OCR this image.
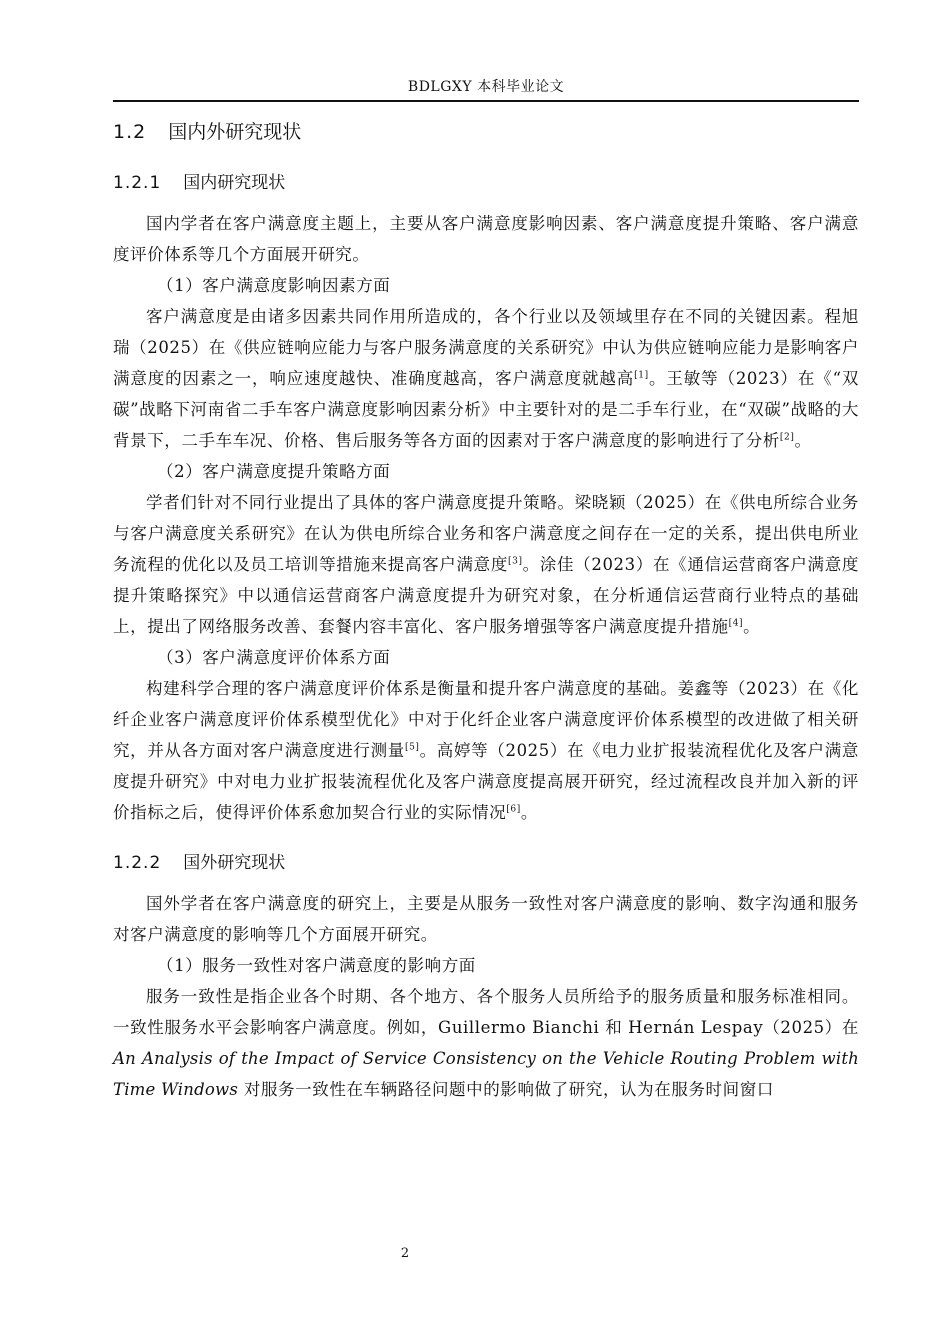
BDLGXY 本科毕业论文
1.2 国内外研究现状
1.2.1 国内研究现状

国内学者在客户满意度主题上，主要从客户满意度影响因素、客户满意度提升策略、客户满意度评价体系等几个方面展开研究。

（1）客户满意度影响因素方面

客户满意度是由诸多因素共同作用所造成的，各个行业以及领域里存在不同的关键因素。程旭瑞（2025）在《供应链响应能力与客户服务满意度的关系研究》中认为供应链响应能力是影响客户满意度的因素之一，响应速度越快、准确度越高，客户满意度就越高[1]。王敏等（2023）在《“双碳”战略下河南省二手车客户满意度影响因素分析》中主要针对的是二手车行业，在“双碳”战略的大背景下，二手车车况、价格、售后服务等各方面的因素对于客户满意度的影响进行了分析[2]。

（2）客户满意度提升策略方面

学者们针对不同行业提出了具体的客户满意度提升策略。梁晓颖（2025）在《供电所综合业务与客户满意度关系研究》在认为供电所综合业务和客户满意度之间存在一定的关系，提出供电所业务流程的优化以及员工培训等措施来提高客户满意度[3]。涂佳（2023）在《通信运营商客户满意度提升策略探究》中以通信运营商客户满意度提升为研究对象，在分析通信运营商行业特点的基础上，提出了网络服务改善、套餐内容丰富化、客户服务增强等客户满意度提升措施[4]。

（3）客户满意度评价体系方面

构建科学合理的客户满意度评价体系是衡量和提升客户满意度的基础。姜鑫等（2023）在《化纤企业客户满意度评价体系模型优化》中对于化纤企业客户满意度评价体系模型的改进做了相关研究，并从各方面对客户满意度进行测量[5]。高婷等（2025）在《电力业扩报装流程优化及客户满意度提升研究》中对电力业扩报装流程优化及客户满意度提高展开研究，经过流程改良并加入新的评价指标之后，使得评价体系愈加契合行业的实际情况[6]。

1.2.2 国外研究现状

国外学者在客户满意度的研究上，主要是从服务一致性对客户满意度的影响、数字沟通和服务对客户满意度的影响等几个方面展开研究。

（1）服务一致性对客户满意度的影响方面

服务一致性是指企业各个时期、各个地方、各个服务人员所给予的服务质量和服务标准相同。一致性服务水平会影响客户满意度。例如，Guillermo Bianchi 和 Hernán Lespay（2025）在 An Analysis of the Impact of Service Consistency on the Vehicle Routing Problem with Time Windows 对服务一致性在车辆路径问题中的影响做了研究，认为在服务时间窗口

2
